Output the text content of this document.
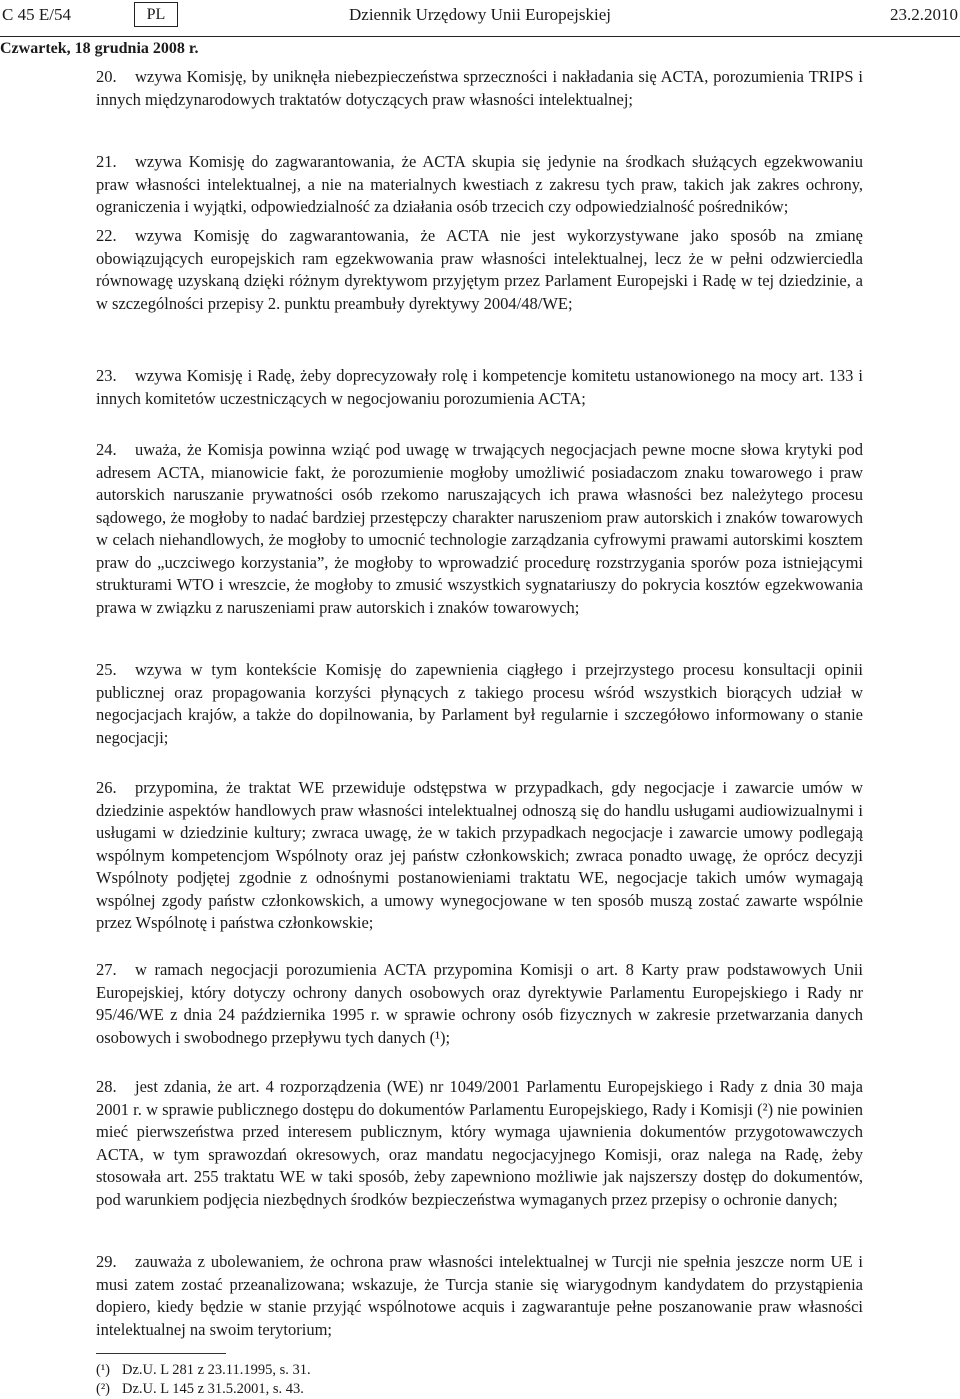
C 45 E/54	PL	Dziennik Urzędowy Unii Europejskiej	23.2.2010
Czwartek, 18 grudnia 2008 r.
20. wzywa Komisję, by uniknęła niebezpieczeństwa sprzeczności i nakładania się ACTA, porozumienia TRIPS i innych międzynarodowych traktatów dotyczących praw własności intelektualnej;
21. wzywa Komisję do zagwarantowania, że ACTA skupia się jedynie na środkach służących egzekwowaniu praw własności intelektualnej, a nie na materialnych kwestiach z zakresu tych praw, takich jak zakres ochrony, ograniczenia i wyjątki, odpowiedzialność za działania osób trzecich czy odpowiedzialność pośredników;
22. wzywa Komisję do zagwarantowania, że ACTA nie jest wykorzystywane jako sposób na zmianę obowiązujących europejskich ram egzekwowania praw własności intelektualnej, lecz że w pełni odzwierciedla równowagę uzyskaną dzięki różnym dyrektywom przyjętym przez Parlament Europejski i Radę w tej dziedzinie, a w szczególności przepisy 2. punktu preambuły dyrektywy 2004/48/WE;
23. wzywa Komisję i Radę, żeby doprecyzowały rolę i kompetencje komitetu ustanowionego na mocy art. 133 i innych komitetów uczestniczących w negocjowaniu porozumienia ACTA;
24. uważa, że Komisja powinna wziąć pod uwagę w trwających negocjacjach pewne mocne słowa krytyki pod adresem ACTA, mianowicie fakt, że porozumienie mogłoby umożliwić posiadaczom znaku towarowego i praw autorskich naruszanie prywatności osób rzekomo naruszających ich prawa własności bez należytego procesu sądowego, że mogłoby to nadać bardziej przestępczy charakter naruszeniom praw autorskich i znaków towarowych w celach niehandlowych, że mogłoby to umocnić technologie zarządzania cyfrowymi prawami autorskimi kosztem praw do „uczciwego korzystania”, że mogłoby to wprowadzić procedurę rozstrzygania sporów poza istniejącymi strukturami WTO i wreszcie, że mogłoby to zmusić wszystkich sygnatariuszy do pokrycia kosztów egzekwowania prawa w związku z naruszeniami praw autorskich i znaków towarowych;
25. wzywa w tym kontekście Komisję do zapewnienia ciągłego i przejrzystego procesu konsultacji opinii publicznej oraz propagowania korzyści płynących z takiego procesu wśród wszystkich biorących udział w negocjacjach krajów, a także do dopilnowania, by Parlament był regularnie i szczegółowo informowany o stanie negocjacji;
26. przypomina, że traktat WE przewiduje odstępstwa w przypadkach, gdy negocjacje i zawarcie umów w dziedzinie aspektów handlowych praw własności intelektualnej odnoszą się do handlu usługami audiowizualnymi i usługami w dziedzinie kultury; zwraca uwagę, że w takich przypadkach negocjacje i zawarcie umowy podlegają wspólnym kompetencjom Wspólnoty oraz jej państw członkowskich; zwraca ponadto uwagę, że oprócz decyzji Wspólnoty podjętej zgodnie z odnośnymi postanowieniami traktatu WE, negocjacje takich umów wymagają wspólnej zgody państw członkowskich, a umowy wynegocjowane w ten sposób muszą zostać zawarte wspólnie przez Wspólnotę i państwa członkowskie;
27. w ramach negocjacji porozumienia ACTA przypomina Komisji o art. 8 Karty praw podstawowych Unii Europejskiej, który dotyczy ochrony danych osobowych oraz dyrektywie Parlamentu Europejskiego i Rady nr 95/46/WE z dnia 24 października 1995 r. w sprawie ochrony osób fizycznych w zakresie przetwarzania danych osobowych i swobodnego przepływu tych danych (¹);
28. jest zdania, że art. 4 rozporządzenia (WE) nr 1049/2001 Parlamentu Europejskiego i Rady z dnia 30 maja 2001 r. w sprawie publicznego dostępu do dokumentów Parlamentu Europejskiego, Rady i Komisji (²) nie powinien mieć pierwszeństwa przed interesem publicznym, który wymaga ujawnienia dokumentów przygotowawczych ACTA, w tym sprawozdań okresowych, oraz mandatu negocjacyjnego Komisji, oraz nalega na Radę, żeby stosowała art. 255 traktatu WE w taki sposób, żeby zapewniono możliwie jak najszerszy dostęp do dokumentów, pod warunkiem podjęcia niezbędnych środków bezpieczeństwa wymaganych przez przepisy o ochronie danych;
29. zauważa z ubolewaniem, że ochrona praw własności intelektualnej w Turcji nie spełnia jeszcze norm UE i musi zatem zostać przeanalizowana; wskazuje, że Turcja stanie się wiarygodnym kandydatem do przystąpienia dopiero, kiedy będzie w stanie przyjąć wspólnotowe acquis i zagwarantuje pełne poszanowanie praw własności intelektualnej na swoim terytorium;
(¹) Dz.U. L 281 z 23.11.1995, s. 31.
(²) Dz.U. L 145 z 31.5.2001, s. 43.
